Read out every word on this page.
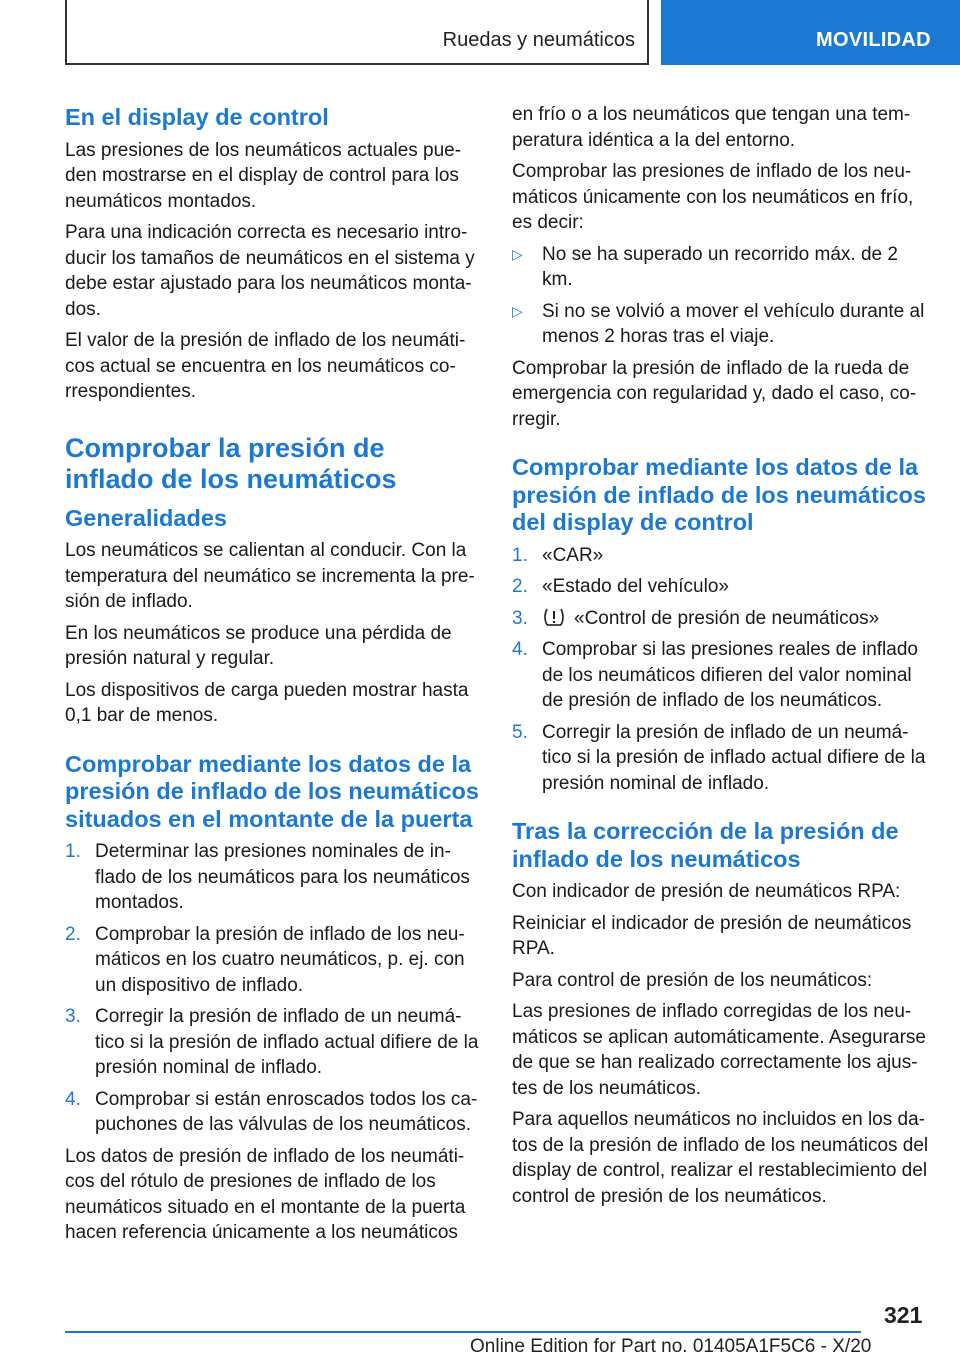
Ruedas y neumáticos	MOVILIDAD
En el display de control

Las presiones de los neumáticos actuales pue‐ den mostrarse en el display de control para los neumáticos montados.

Para una indicación correcta es necesario intro‐ ducir los tamaños de neumáticos en el sistema y debe estar ajustado para los neumáticos monta‐ dos.

El valor de la presión de inflado de los neumáti‐ cos actual se encuentra en los neumáticos co‐ rrespondientes.

Comprobar la presión de inflado de los neumáticos
Generalidades

Los neumáticos se calientan al conducir. Con la temperatura del neumático se incrementa la pre‐ sión de inflado.

En los neumáticos se produce una pérdida de presión natural y regular.

Los dispositivos de carga pueden mostrar hasta 0,1 bar de menos.

Comprobar mediante los datos de la presión de inflado de los neumáticos situados en el montante de la puerta
1. Determinar las presiones nominales de in‐ flado de los neumáticos para los neumáticos montados.
2. Comprobar la presión de inflado de los neu‐ máticos en los cuatro neumáticos, p. ej. con un dispositivo de inflado.
3. Corregir la presión de inflado de un neumá‐ tico si la presión de inflado actual difiere de la presión nominal de inflado.
4. Comprobar si están enroscados todos los ca‐ puchones de las válvulas de los neumáticos.

Los datos de presión de inflado de los neumáti‐ cos del rótulo de presiones de inflado de los neumáticos situado en el montante de la puerta hacen referencia únicamente a los neumáticos

en frío o a los neumáticos que tengan una tem‐ peratura idéntica a la del entorno.

Comprobar las presiones de inflado de los neu‐ máticos únicamente con los neumáticos en frío, es decir:

▷ No se ha superado un recorrido máx. de 2 km.
▷ Si no se volvió a mover el vehículo durante al menos 2 horas tras el viaje.

Comprobar la presión de inflado de la rueda de emergencia con regularidad y, dado el caso, co‐ rregir.

Comprobar mediante los datos de la presión de inflado de los neumáticos del display de control
1. «CAR»
2. «Estado del vehículo»
3. «Control de presión de neumáticos»
4. Comprobar si las presiones reales de inflado de los neumáticos difieren del valor nominal de presión de inflado de los neumáticos.
5. Corregir la presión de inflado de un neumá‐ tico si la presión de inflado actual difiere de la presión nominal de inflado.
Tras la corrección de la presión de inflado de los neumáticos

Con indicador de presión de neumáticos RPA:

Reiniciar el indicador de presión de neumáticos RPA.

Para control de presión de los neumáticos:

Las presiones de inflado corregidas de los neu‐ máticos se aplican automáticamente. Asegurarse de que se han realizado correctamente los ajus‐ tes de los neumáticos.

Para aquellos neumáticos no incluidos en los da‐ tos de la presión de inflado de los neumáticos del display de control, realizar el restablecimiento del control de presión de los neumáticos.

321
Online Edition for Part no. 01405A1F5C6 - X/20
